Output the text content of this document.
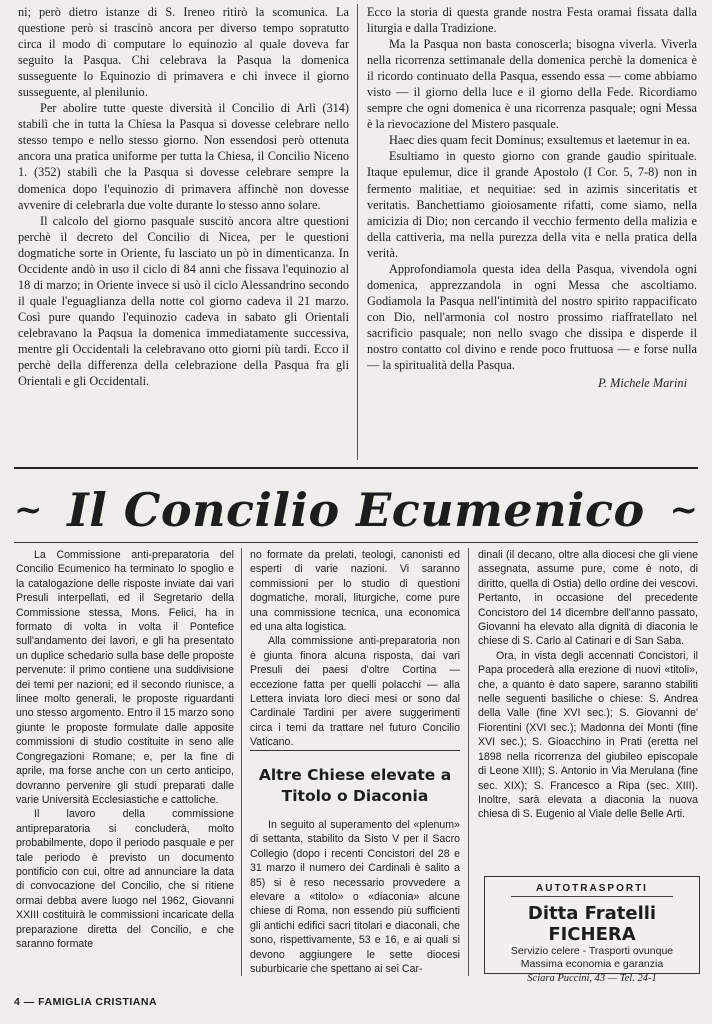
ni; però dietro istanze di S. Ireneo ritirò la scomunica. La questione però si trascinò ancora per diverso tempo sopratutto circa il modo di computare lo equinozio al quale doveva far seguito la Pasqua. Chi celebrava la Pasqua la domenica susseguente lo Equinozio di primavera e chi invece il giorno susseguente, al plenilunio.

Per abolire tutte queste diversità il Concilio di Arlì (314) stabilì che in tutta la Chiesa la Pasqua si dovesse celebrare nello stesso tempo e nello stesso giorno. Non essendosi però ottenuta ancora una pratica uniforme per tutta la Chiesa, il Concilio Niceno 1. (352) stabilì che la Pasqua si dovesse celebrare sempre la domenica dopo l'equinozio di primavera affinchè non dovesse avvenire di celebrarla due volte durante lo stesso anno solare.

Il calcolo del giorno pasquale suscitò ancora altre questioni perchè il decreto del Concilio di Nicea, per le questioni dogmatiche sorte in Oriente, fu lasciato un pò in dimenticanza. In Occidente andò in uso il ciclo di 84 anni che fissava l'equinozio al 18 di marzo; in Oriente invece si usò il ciclo Alessandrino secondo il quale l'eguaglianza della notte col giorno cadeva il 21 marzo. Così pure quando l'equinozio cadeva in sabato gli Orientali celebravano la Paqsua la domenica immediatamente successiva, mentre gli Occidentali la celebravano otto giorni più tardi. Ecco il perchè della differenza della celebrazione della Pasqua fra gli Orientali e gli Occidentali.

Ecco la storia di questa grande nostra Festa oramai fissata dalla liturgia e dalla Tradizione.

Ma la Pasqua non basta conoscerla; bisogna viverla. Viverla nella ricorrenza settimanale della domenica perchè la domenica è il ricordo continuato della Pasqua, essendo essa — come abbiamo visto — il giorno della luce e il giorno della Fede. Ricordiamo sempre che ogni domenica è una ricorrenza pasquale; ogni Messa è la rievocazione del Mistero pasquale.

Haec dies quam fecit Dominus; exsultemus et laetemur in ea.

Esultiamo in questo giorno con grande gaudio spirituale. Itaque epulemur, dice il grande Apostolo (I Cor. 5, 7-8) non in fermento malitiae, et nequitiae: sed in azimis sinceritatis et veritatis. Banchettiamo gioiosamente rifatti, come siamo, nella amicizia di Dio; non cercando il vecchio fermento della malizia e della cattiveria, ma nella purezza della vita e nella pratica della verità.

Approfondiamola questa idea della Pasqua, vivendola ogni domenica, apprezzandola in ogni Messa che ascoltiamo. Godiamola la Pasqua nell'intimità del nostro spirito rappacificato con Dio, nell'armonia col nostro prossimo riaffratellato nel sacrificio pasquale; non nello svago che dissipa e disperde il nostro contatto col divino e rende poco fruttuosa — e forse nulla — la spiritualità della Pasqua.

P. Michele Marini
~ Il Concilio Ecumenico ~

La Commissione anti-preparatoria del Concilio Ecumenico ha terminato lo spoglio e la catalogazione delle risposte inviate dai vari Presuli interpellati, ed il Segretario della Commissione stessa, Mons. Felici, ha in formato di volta in volta il Pontefice sull'andamento dei lavori, e gli ha presentato un duplice schedario sulla base delle proposte pervenute: il primo contiene una suddivisione dei temi per nazioni; ed il secondo riunisce, a linee molto generali, le proposte riguardanti uno stesso argomento. Entro il 15 marzo sono giunte le proposte formulate dalle apposite commissioni di studio costituite in seno alle Congregazioni Romane; e, per la fine di aprile, ma forse anche con un certo anticipo, dovranno pervenire gli studi preparati dalle varie Università Ecclesiastiche e cattoliche.

Il lavoro della commissione antipreparatoria si concluderà, molto probabilmente, dopo il periodo pasquale e per tale periodo è previsto un documento pontificio con cui, oltre ad annunciare la data di convocazione del Concilio, che si ritiene ormai debba avere luogo nel 1962, Giovanni XXIII costituirà le commissioni incaricate della preparazione diretta del Concilio, e che saranno formate

no formate da prelati, teologi, canonisti ed esperti di varie nazioni. Vi saranno commissioni per lo studio di questioni dogmatiche, morali, liturgiche, come pure una commissione tecnica, una economica ed una alta logistica.

Alla commissione anti-preparatoria non è giunta finora alcuna risposta, dai vari Presuli dei paesi d'oltre Cortina — eccezione fatta per quelli polacchi — alla Lettera inviata loro dieci mesi or sono dal Cardinale Tardini per avere suggerimenti circa i temi da trattare nel futuro Concilio Vaticano.

Altre Chiese elevate a Titolo o Diaconia

In seguito al superamento del «plenum» di settanta, stabilito da Sisto V per il Sacro Collegio (dopo i recenti Concistori del 28 e 31 marzo il numero dei Cardinali è salito a 85) si è reso necessario provvedere a elevare a «titolo» o «diaconia» alcune chiese di Roma, non essendo più sufficienti gli antichi edifici sacri titolari e diaconali, che sono, rispettivamente, 53 e 16, e ai quali si devono aggiungere le sette diocesi suburbicarie che spettano ai sei Car-

dinali (il decano, oltre alla diocesi che gli viene assegnata, assume pure, come è noto, di diritto, quella di Ostia) dello ordine dei vescovi. Pertanto, in occasione del precedente Concistoro del 14 dicembre dell'anno passato, Giovanni ha elevato alla dignità di diaconia le chiese di S. Carlo al Catinari e di San Saba.

Ora, in vista degli accennati Concistori, il Papa procederà alla erezione di nuovi «titoli», che, a quanto è dato sapere, saranno stabiliti nelle seguenti basiliche o chiese: S. Andrea della Valle (fine XVI sec.); S. Giovanni de' Fiorentini (XVI sec.); Madonna dei Monti (fine XVI sec.); S. Gioacchino in Prati (eretta nel 1898 nella ricorrenza del giubileo episcopale di Leone XIII); S. Antonio in Via Merulana (fine sec. XIX); S. Francesco a Ripa (sec. XIII). Inoltre, sarà elevata a diaconia la nuova chiesa di S. Eugenio al Viale delle Belle Arti.

AUTOTRASPORTI
Ditta Fratelli FICHERA
Servizio celere - Trasporti ovunque
Massima economia e garanzia
Sciara Puccini, 43 — Tel. 24-1
4 — FAMIGLIA CRISTIANA
